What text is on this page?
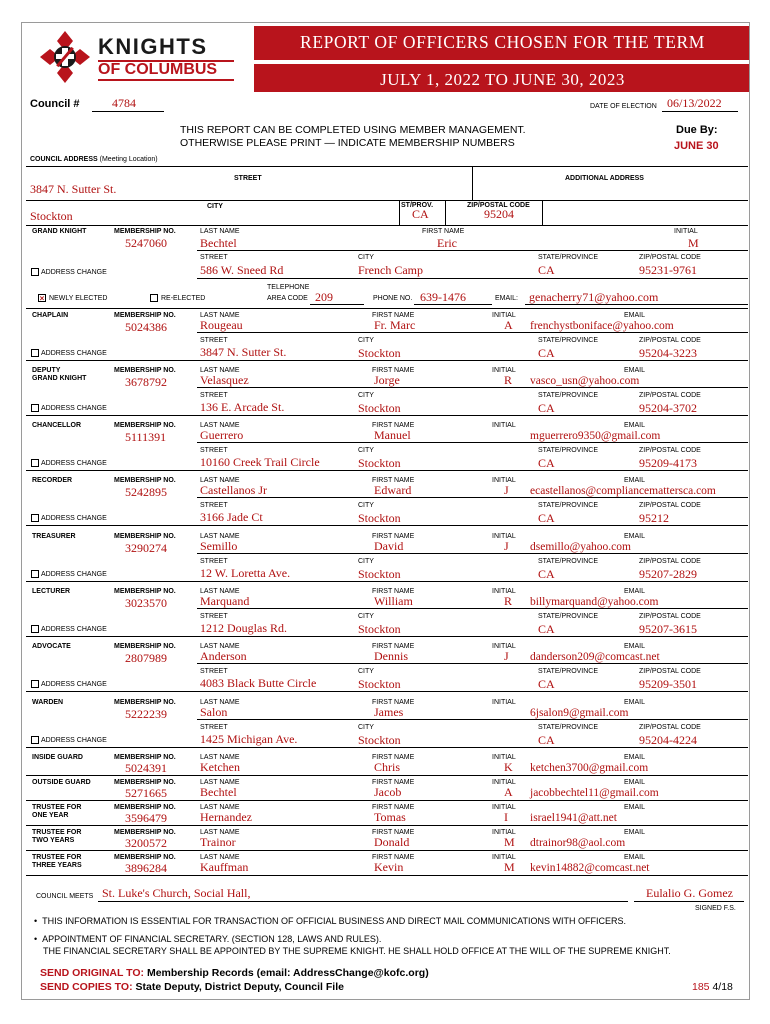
KNIGHTS
OF COLUMBUS
REPORT OF OFFICERS CHOSEN FOR THE TERM
JULY 1, 2022 TO JUNE 30, 2023
Council #	4784	DATE OF ELECTION 06/13/2022
THIS REPORT CAN BE COMPLETED USING MEMBER MANAGEMENT.
OTHERWISE PLEASE PRINT — INDICATE MEMBERSHIP NUMBERS
Due By:
JUNE 30
COUNCIL ADDRESS (Meeting Location)
STREET	ADDITIONAL ADDRESS
3847 N. Sutter St.
CITY	ST/PROV.	ZIP/POSTAL CODE
Stockton	CA	95204
GRAND KNIGHT	MEMBERSHIP NO.
5247060
LAST NAME
Bechtel
FIRST NAME
Eric
INITIAL
M
STREET	CITY	STATE/PROVINCE	ZIP/POSTAL CODE
ADDRESS CHANGE	586 W. Sneed Rd	French Camp	CA	95231-9761
× NEWLY ELECTED	RE-ELECTED
TELEPHONE
AREA CODE 209	PHONE NO. 639-1476	EMAIL: genacherry71@yahoo.com
CHAPLAIN	MEMBERSHIP NO.
5024386
LAST NAME
Rougeau
FIRST NAME
Fr. Marc
INITIAL
A
EMAIL
frenchystboniface@yahoo.com
STREET	CITY	STATE/PROVINCE	ZIP/POSTAL CODE
3847 N. Sutter St.	Stockton	CA	95204-3223
ADDRESS CHANGE
DEPUTY
GRAND KNIGHT
MEMBERSHIP NO.
3678792
LAST NAME
Velasquez
FIRST NAME
Jorge
INITIAL
R
EMAIL
vasco_usn@yahoo.com
STREET	CITY	STATE/PROVINCE	ZIP/POSTAL CODE
136 E. Arcade St.	Stockton	CA	95204-3702
ADDRESS CHANGE
CHANCELLOR	MEMBERSHIP NO.
5111391
LAST NAME
Guerrero
FIRST NAME
Manuel
INITIAL	EMAIL
mguerrero9350@gmail.com
STREET	CITY	STATE/PROVINCE	ZIP/POSTAL CODE
10160 Creek Trail Circle	Stockton	CA	95209-4173
ADDRESS CHANGE
RECORDER	MEMBERSHIP NO.
5242895
LAST NAME
Castellanos Jr
FIRST NAME
Edward
INITIAL
J
EMAIL
ecastellanos@compliancemattersca.com
STREET	CITY	STATE/PROVINCE	ZIP/POSTAL CODE
3166 Jade Ct	Stockton	CA	95212
ADDRESS CHANGE
TREASURER	MEMBERSHIP NO.
3290274
LAST NAME
Semillo
FIRST NAME
David
INITIAL
J
EMAIL
dsemillo@yahoo.com
STREET	CITY	STATE/PROVINCE	ZIP/POSTAL CODE
12 W. Loretta Ave.	Stockton	CA	95207-2829
ADDRESS CHANGE
LECTURER	MEMBERSHIP NO.
3023570
LAST NAME
Marquand
FIRST NAME
William
INITIAL
R
EMAIL
billymarquand@yahoo.com
STREET	CITY	STATE/PROVINCE	ZIP/POSTAL CODE
1212 Douglas Rd.	Stockton	CA	95207-3615
ADDRESS CHANGE
ADVOCATE	MEMBERSHIP NO.
2807989
LAST NAME
Anderson
FIRST NAME
Dennis
INITIAL
J
EMAIL
danderson209@comcast.net
STREET	CITY	STATE/PROVINCE	ZIP/POSTAL CODE
4083 Black Butte Circle	Stockton	CA	95209-3501
ADDRESS CHANGE
WARDEN	MEMBERSHIP NO.
5222239
LAST NAME
Salon
FIRST NAME
James
INITIAL	EMAIL
6jsalon9@gmail.com
STREET	CITY	STATE/PROVINCE	ZIP/POSTAL CODE
1425 Michigan Ave.	Stockton	CA	95204-4224
ADDRESS CHANGE
INSIDE GUARD	MEMBERSHIP NO.
5024391
LAST NAME
Ketchen
FIRST NAME
Chris
INITIAL
K
EMAIL
ketchen3700@gmail.com
OUTSIDE GUARD	MEMBERSHIP NO.
5271665
LAST NAME
Bechtel
FIRST NAME
Jacob
INITIAL
A
EMAIL
jacobbechtel11@gmail.com
TRUSTEE FOR
ONE YEAR
MEMBERSHIP NO.
3596479
LAST NAME
Hernandez
FIRST NAME
Tomas
INITIAL
I
EMAIL
israel1941@att.net
TRUSTEE FOR
TWO YEARS
MEMBERSHIP NO.
3200572
LAST NAME
Trainor
FIRST NAME
Donald
INITIAL
M
EMAIL
dtrainor98@aol.com
TRUSTEE FOR
THREE YEARS
MEMBERSHIP NO.
3896284
LAST NAME
Kauffman
FIRST NAME
Kevin
INITIAL
M
EMAIL
kevin14882@comcast.net
COUNCIL MEETS St. Luke's Church, Social Hall,	Eulalio G. Gomez
SIGNED F.S.
•  THIS INFORMATION IS ESSENTIAL FOR TRANSACTION OF OFFICIAL BUSINESS AND DIRECT MAIL COMMUNICATIONS WITH OFFICERS.
•  APPOINTMENT OF FINANCIAL SECRETARY. (SECTION 128, LAWS AND RULES).
THE FINANCIAL SECRETARY SHALL BE APPOINTED BY THE SUPREME KNIGHT. HE SHALL HOLD OFFICE AT THE WILL OF THE SUPREME KNIGHT.
SEND ORIGINAL TO: Membership Records (email: AddressChange@kofc.org)
SEND COPIES TO: State Deputy, District Deputy, Council File	185 4/18
